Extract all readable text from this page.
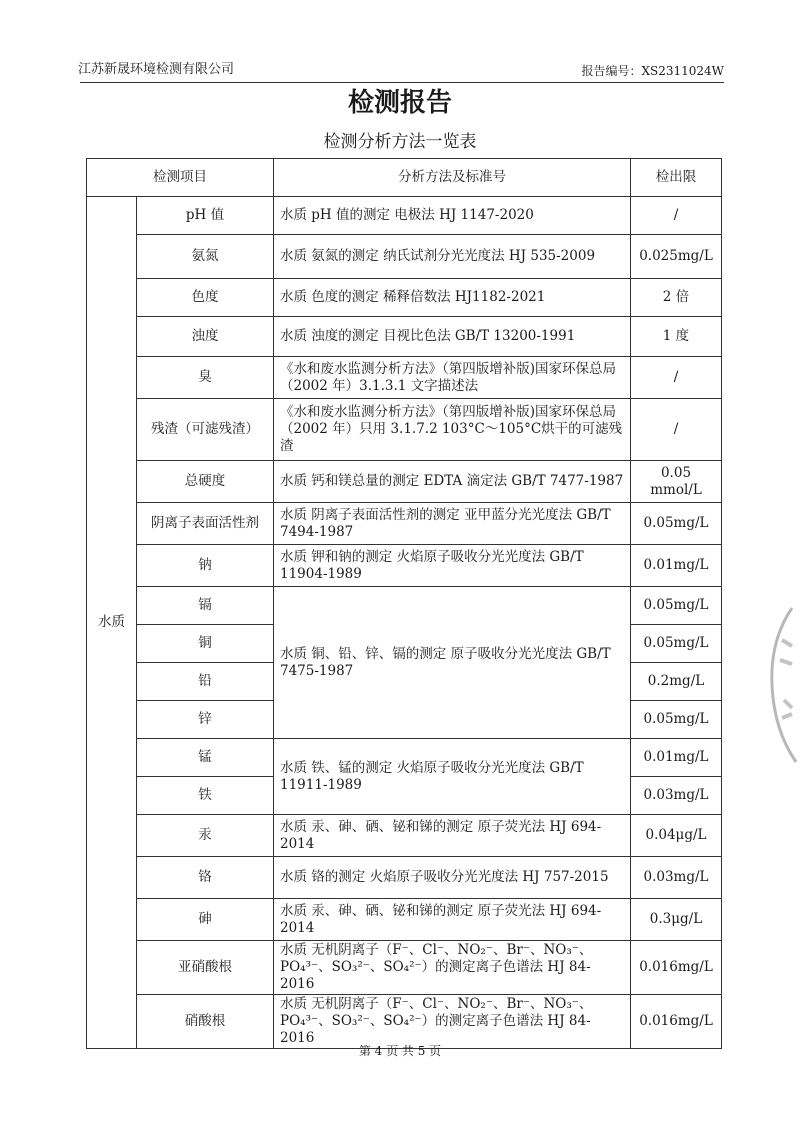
江苏新晟环境检测有限公司	报告编号：XS2311024W
检测报告
检测分析方法一览表
检测项目		分析方法及标准号	检出限
水质	pH 值	水质 pH 值的测定 电极法 HJ 1147-2020	/
	氨氮	水质 氨氮的测定 纳氏试剂分光光度法 HJ 535-2009	0.025mg/L
	色度	水质 色度的测定 稀释倍数法 HJ1182-2021	2 倍
	浊度	水质 浊度的测定 目视比色法 GB/T 13200-1991	1 度
	臭	《水和废水监测分析方法》（第四版增补版)国家环保总局（2002 年）3.1.3.1 文字描述法	/
	残渣（可滤残渣）	《水和废水监测分析方法》（第四版增补版)国家环保总局（2002 年）只用 3.1.7.2 103°C～105°C烘干的可滤残渣	/
	总硬度	水质 钙和镁总量的测定 EDTA 滴定法 GB/T 7477-1987	0.05 mmol/L
	阴离子表面活性剂	水质 阴离子表面活性剂的测定 亚甲蓝分光光度法 GB/T 7494-1987	0.05mg/L
	钠	水质 钾和钠的测定 火焰原子吸收分光光度法 GB/T 11904-1989	0.01mg/L
	镉	水质 铜、铅、锌、镉的测定 原子吸收分光光度法 GB/T 7475-1987	0.05mg/L
	铜		0.05mg/L
	铅		0.2mg/L
	锌		0.05mg/L
	锰	水质 铁、锰的测定 火焰原子吸收分光光度法 GB/T 11911-1989	0.01mg/L
	铁		0.03mg/L
	汞	水质 汞、砷、硒、铋和锑的测定 原子荧光法 HJ 694-2014	0.04μg/L
	铬	水质 铬的测定 火焰原子吸收分光光度法 HJ 757-2015	0.03mg/L
	砷	水质 汞、砷、硒、铋和锑的测定 原子荧光法 HJ 694-2014	0.3μg/L
	亚硝酸根	水质 无机阴离子（F⁻、Cl⁻、NO₂⁻、Br⁻、NO₃⁻、PO₄³⁻、SO₃²⁻、SO₄²⁻）的测定离子色谱法 HJ 84-2016	0.016mg/L
	硝酸根	水质 无机阴离子（F⁻、Cl⁻、NO₂⁻、Br⁻、NO₃⁻、PO₄³⁻、SO₃²⁻、SO₄²⁻）的测定离子色谱法 HJ 84-2016	0.016mg/L
第 4 页 共 5 页
